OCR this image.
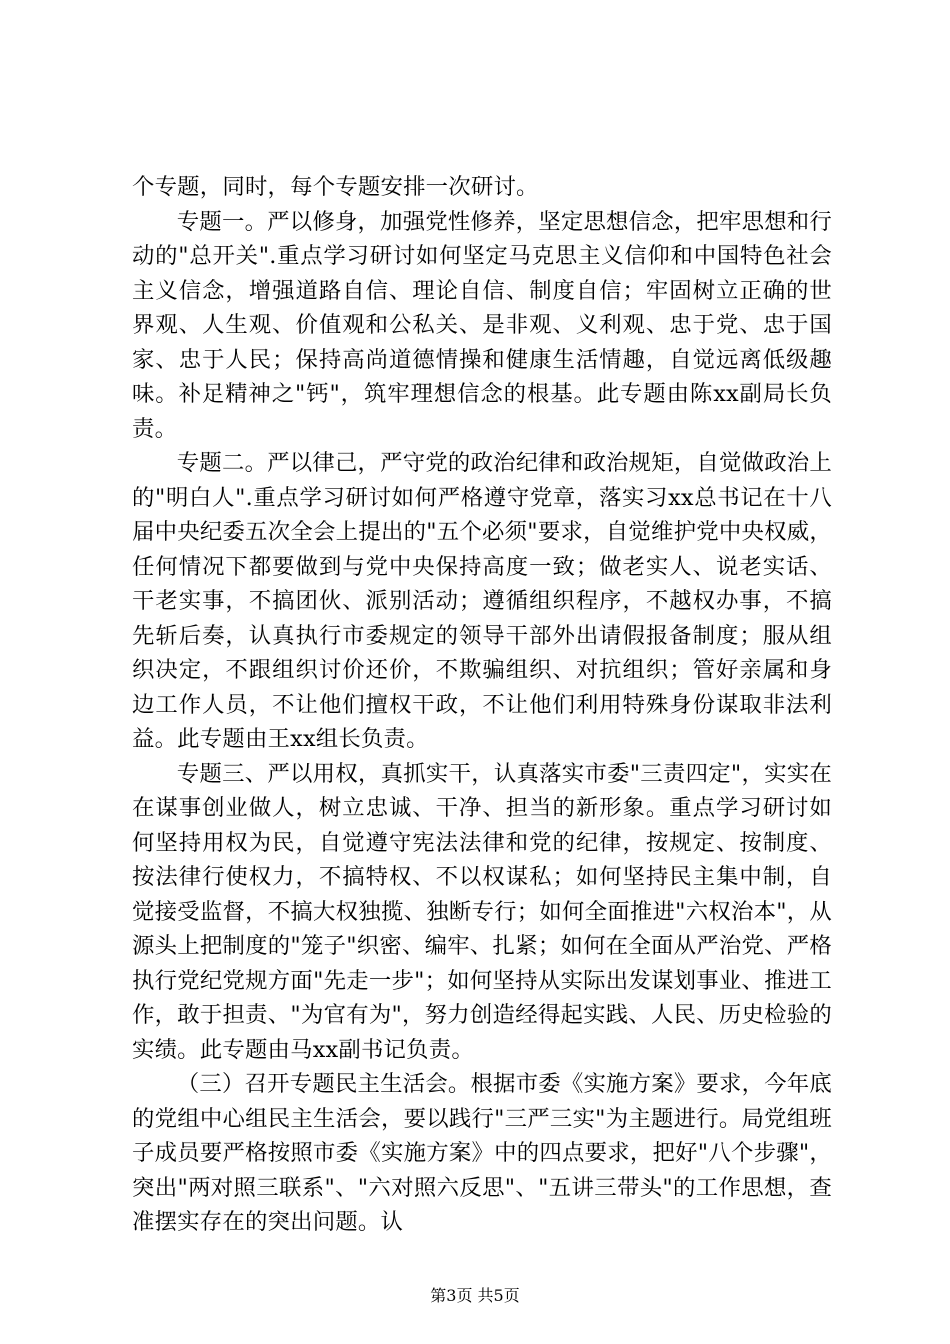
个专题，同时，每个专题安排一次研讨。

专题一。严以修身，加强党性修养，坚定思想信念，把牢思想和行动的"总开关".重点学习研讨如何坚定马克思主义信仰和中国特色社会主义信念，增强道路自信、理论自信、制度自信；牢固树立正确的世界观、人生观、价值观和公私关、是非观、义利观、忠于党、忠于国家、忠于人民；保持高尚道德情操和健康生活情趣，自觉远离低级趣味。补足精神之"钙"，筑牢理想信念的根基。此专题由陈xx副局长负责。

专题二。严以律己，严守党的政治纪律和政治规矩，自觉做政治上的"明白人".重点学习研讨如何严格遵守党章，落实习xx总书记在十八届中央纪委五次全会上提出的"五个必须"要求，自觉维护党中央权威，任何情况下都要做到与党中央保持高度一致；做老实人、说老实话、干老实事，不搞团伙、派别活动；遵循组织程序，不越权办事，不搞先斩后奏，认真执行市委规定的领导干部外出请假报备制度；服从组织决定，不跟组织讨价还价，不欺骗组织、对抗组织；管好亲属和身边工作人员，不让他们擅权干政，不让他们利用特殊身份谋取非法利益。此专题由王xx组长负责。

专题三、严以用权，真抓实干，认真落实市委"三责四定"，实实在在谋事创业做人，树立忠诚、干净、担当的新形象。重点学习研讨如何坚持用权为民，自觉遵守宪法法律和党的纪律，按规定、按制度、按法律行使权力，不搞特权、不以权谋私；如何坚持民主集中制，自觉接受监督，不搞大权独揽、独断专行；如何全面推进"六权治本"，从源头上把制度的"笼子"织密、编牢、扎紧；如何在全面从严治党、严格执行党纪党规方面"先走一步"；如何坚持从实际出发谋划事业、推进工作，敢于担责、"为官有为"，努力创造经得起实践、人民、历史检验的实绩。此专题由马xx副书记负责。

（三）召开专题民主生活会。根据市委《实施方案》要求，今年底的党组中心组民主生活会，要以践行"三严三实"为主题进行。局党组班子成员要严格按照市委《实施方案》中的四点要求，把好"八个步骤"，突出"两对照三联系"、"六对照六反思"、"五讲三带头"的工作思想，查准摆实存在的突出问题。认

第3页 共5页
